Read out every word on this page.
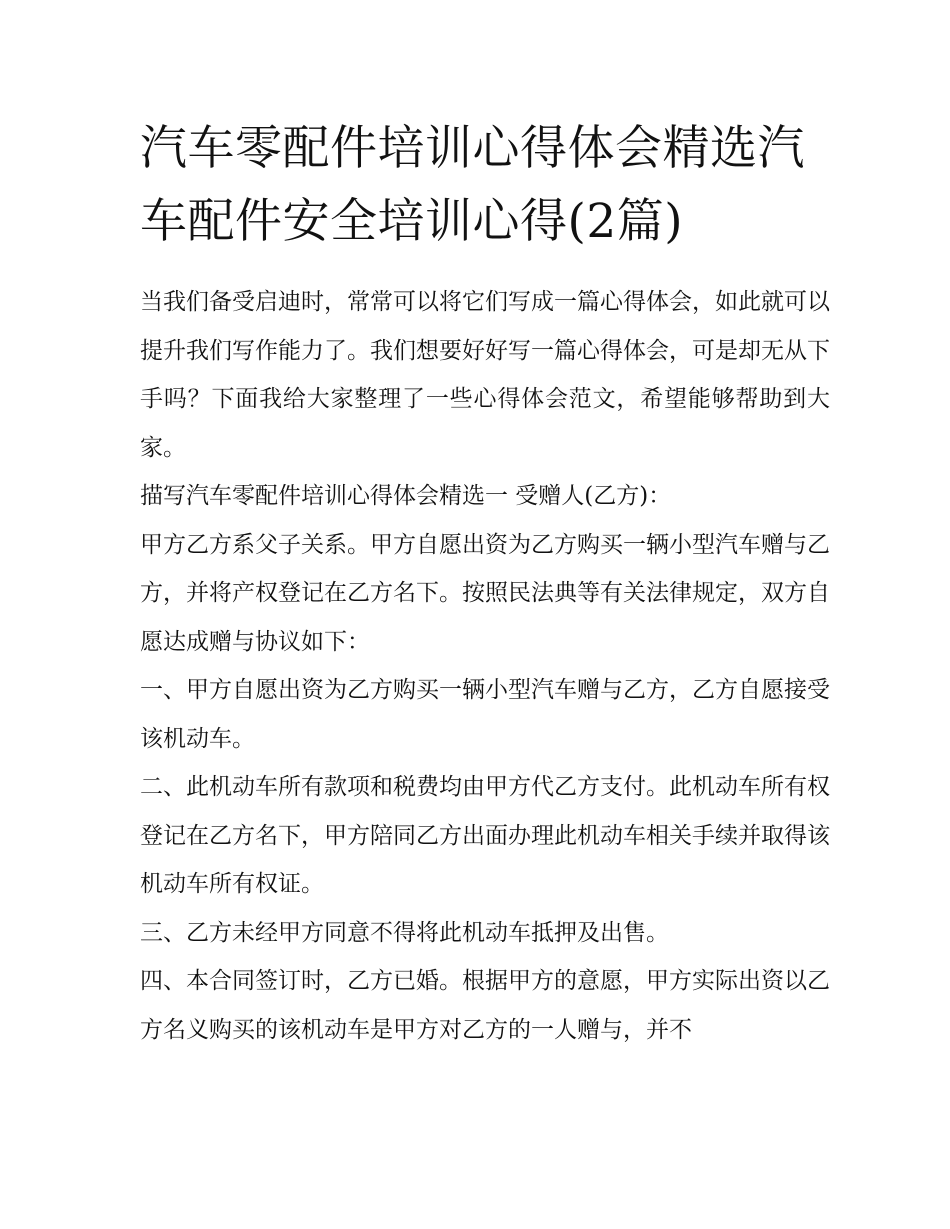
汽车零配件培训心得体会精选汽车配件安全培训心得(2篇)

当我们备受启迪时，常常可以将它们写成一篇心得体会，如此就可以提升我们写作能力了。我们想要好好写一篇心得体会，可是却无从下手吗？下面我给大家整理了一些心得体会范文，希望能够帮助到大家。

描写汽车零配件培训心得体会精选一 受赠人(乙方)：

甲方乙方系父子关系。甲方自愿出资为乙方购买一辆小型汽车赠与乙方，并将产权登记在乙方名下。按照民法典等有关法律规定，双方自愿达成赠与协议如下：

一、甲方自愿出资为乙方购买一辆小型汽车赠与乙方，乙方自愿接受该机动车。

二、此机动车所有款项和税费均由甲方代乙方支付。此机动车所有权登记在乙方名下，甲方陪同乙方出面办理此机动车相关手续并取得该机动车所有权证。

三、乙方未经甲方同意不得将此机动车抵押及出售。

四、本合同签订时，乙方已婚。根据甲方的意愿，甲方实际出资以乙方名义购买的该机动车是甲方对乙方的一人赠与，并不
